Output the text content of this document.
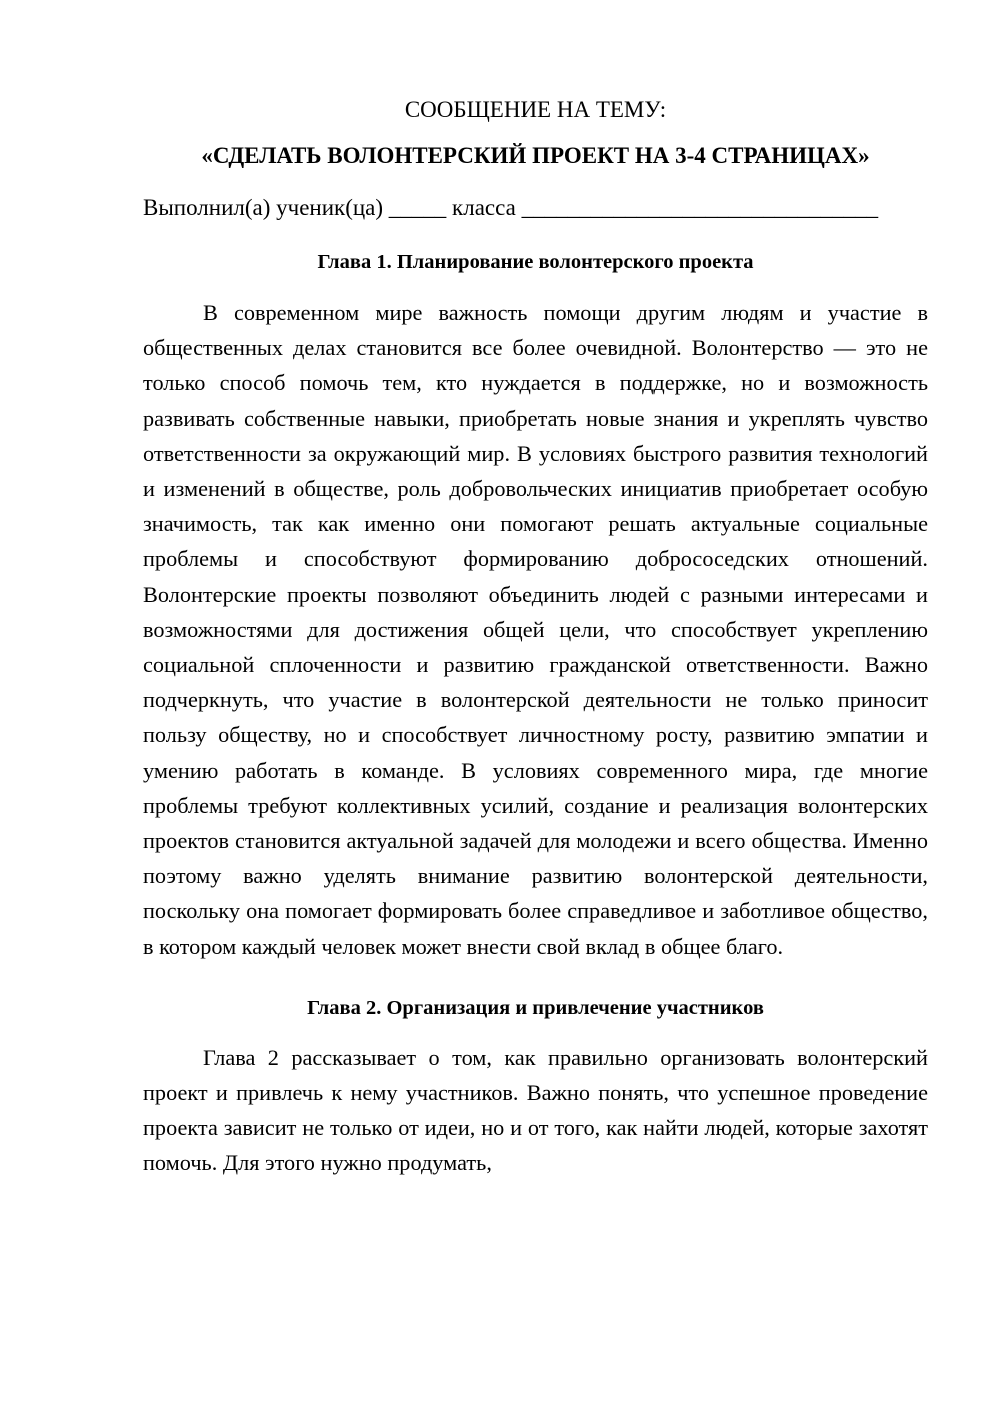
СООБЩЕНИЕ НА ТЕМУ:

«СДЕЛАТЬ ВОЛОНТЕРСКИЙ ПРОЕКТ НА 3-4 СТРАНИЦАХ»

Выполнил(а) ученик(ца) _____ класса _______________________________

Глава 1. Планирование волонтерского проекта

В современном мире важность помощи другим людям и участие в общественных делах становится все более очевидной. Волонтерство — это не только способ помочь тем, кто нуждается в поддержке, но и возможность развивать собственные навыки, приобретать новые знания и укреплять чувство ответственности за окружающий мир. В условиях быстрого развития технологий и изменений в обществе, роль добровольческих инициатив приобретает особую значимость, так как именно они помогают решать актуальные социальные проблемы и способствуют формированию добрососедских отношений. Волонтерские проекты позволяют объединить людей с разными интересами и возможностями для достижения общей цели, что способствует укреплению социальной сплоченности и развитию гражданской ответственности. Важно подчеркнуть, что участие в волонтерской деятельности не только приносит пользу обществу, но и способствует личностному росту, развитию эмпатии и умению работать в команде. В условиях современного мира, где многие проблемы требуют коллективных усилий, создание и реализация волонтерских проектов становится актуальной задачей для молодежи и всего общества. Именно поэтому важно уделять внимание развитию волонтерской деятельности, поскольку она помогает формировать более справедливое и заботливое общество, в котором каждый человек может внести свой вклад в общее благо.

Глава 2. Организация и привлечение участников

Глава 2 рассказывает о том, как правильно организовать волонтерский проект и привлечь к нему участников. Важно понять, что успешное проведение проекта зависит не только от идеи, но и от того, как найти людей, которые захотят помочь. Для этого нужно продумать,
